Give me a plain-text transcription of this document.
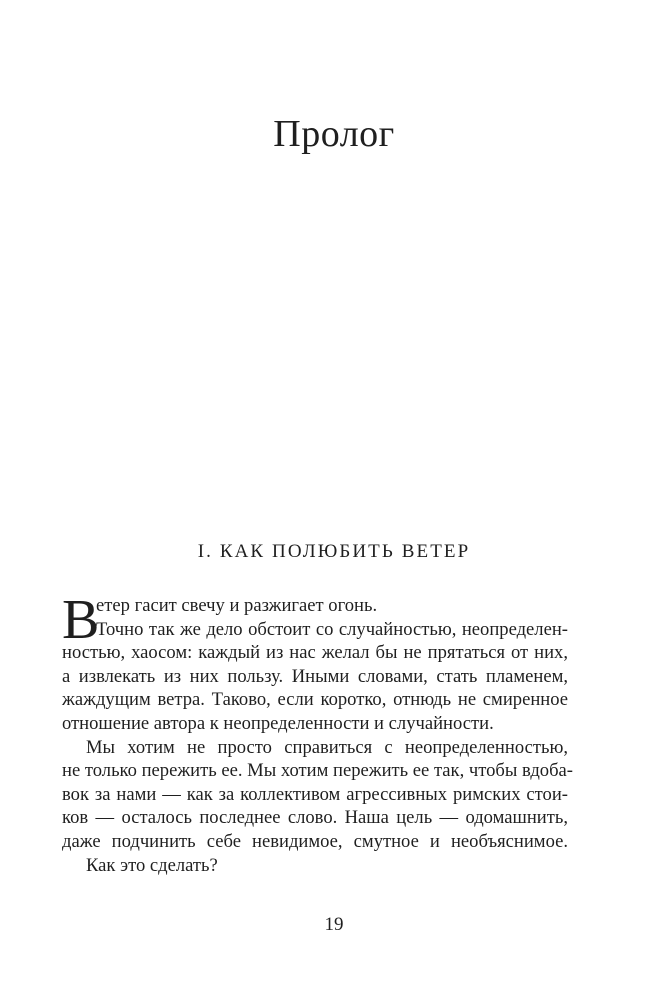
Пролог
I. КАК ПОЛЮБИТЬ ВЕТЕР
В
етер гасит свечу и разжигает огонь.
Точно так же дело обстоит со случайностью, неопределен-
ностью, хаосом: каждый из нас желал бы не прятаться от них,
а извлекать из них пользу. Иными словами, стать пламенем,
жаждущим ветра. Таково, если коротко, отнюдь не смиренное
отношение автора к неопределенности и случайности.
Мы хотим не просто справиться с неопределенностью,
не только пережить ее. Мы хотим пережить ее так, чтобы вдоба-
вок за нами — как за коллективом агрессивных римских стои-
ков — осталось последнее слово. Наша цель — одомашнить,
даже подчинить себе невидимое, смутное и необъяснимое.
Как это сделать?
19
